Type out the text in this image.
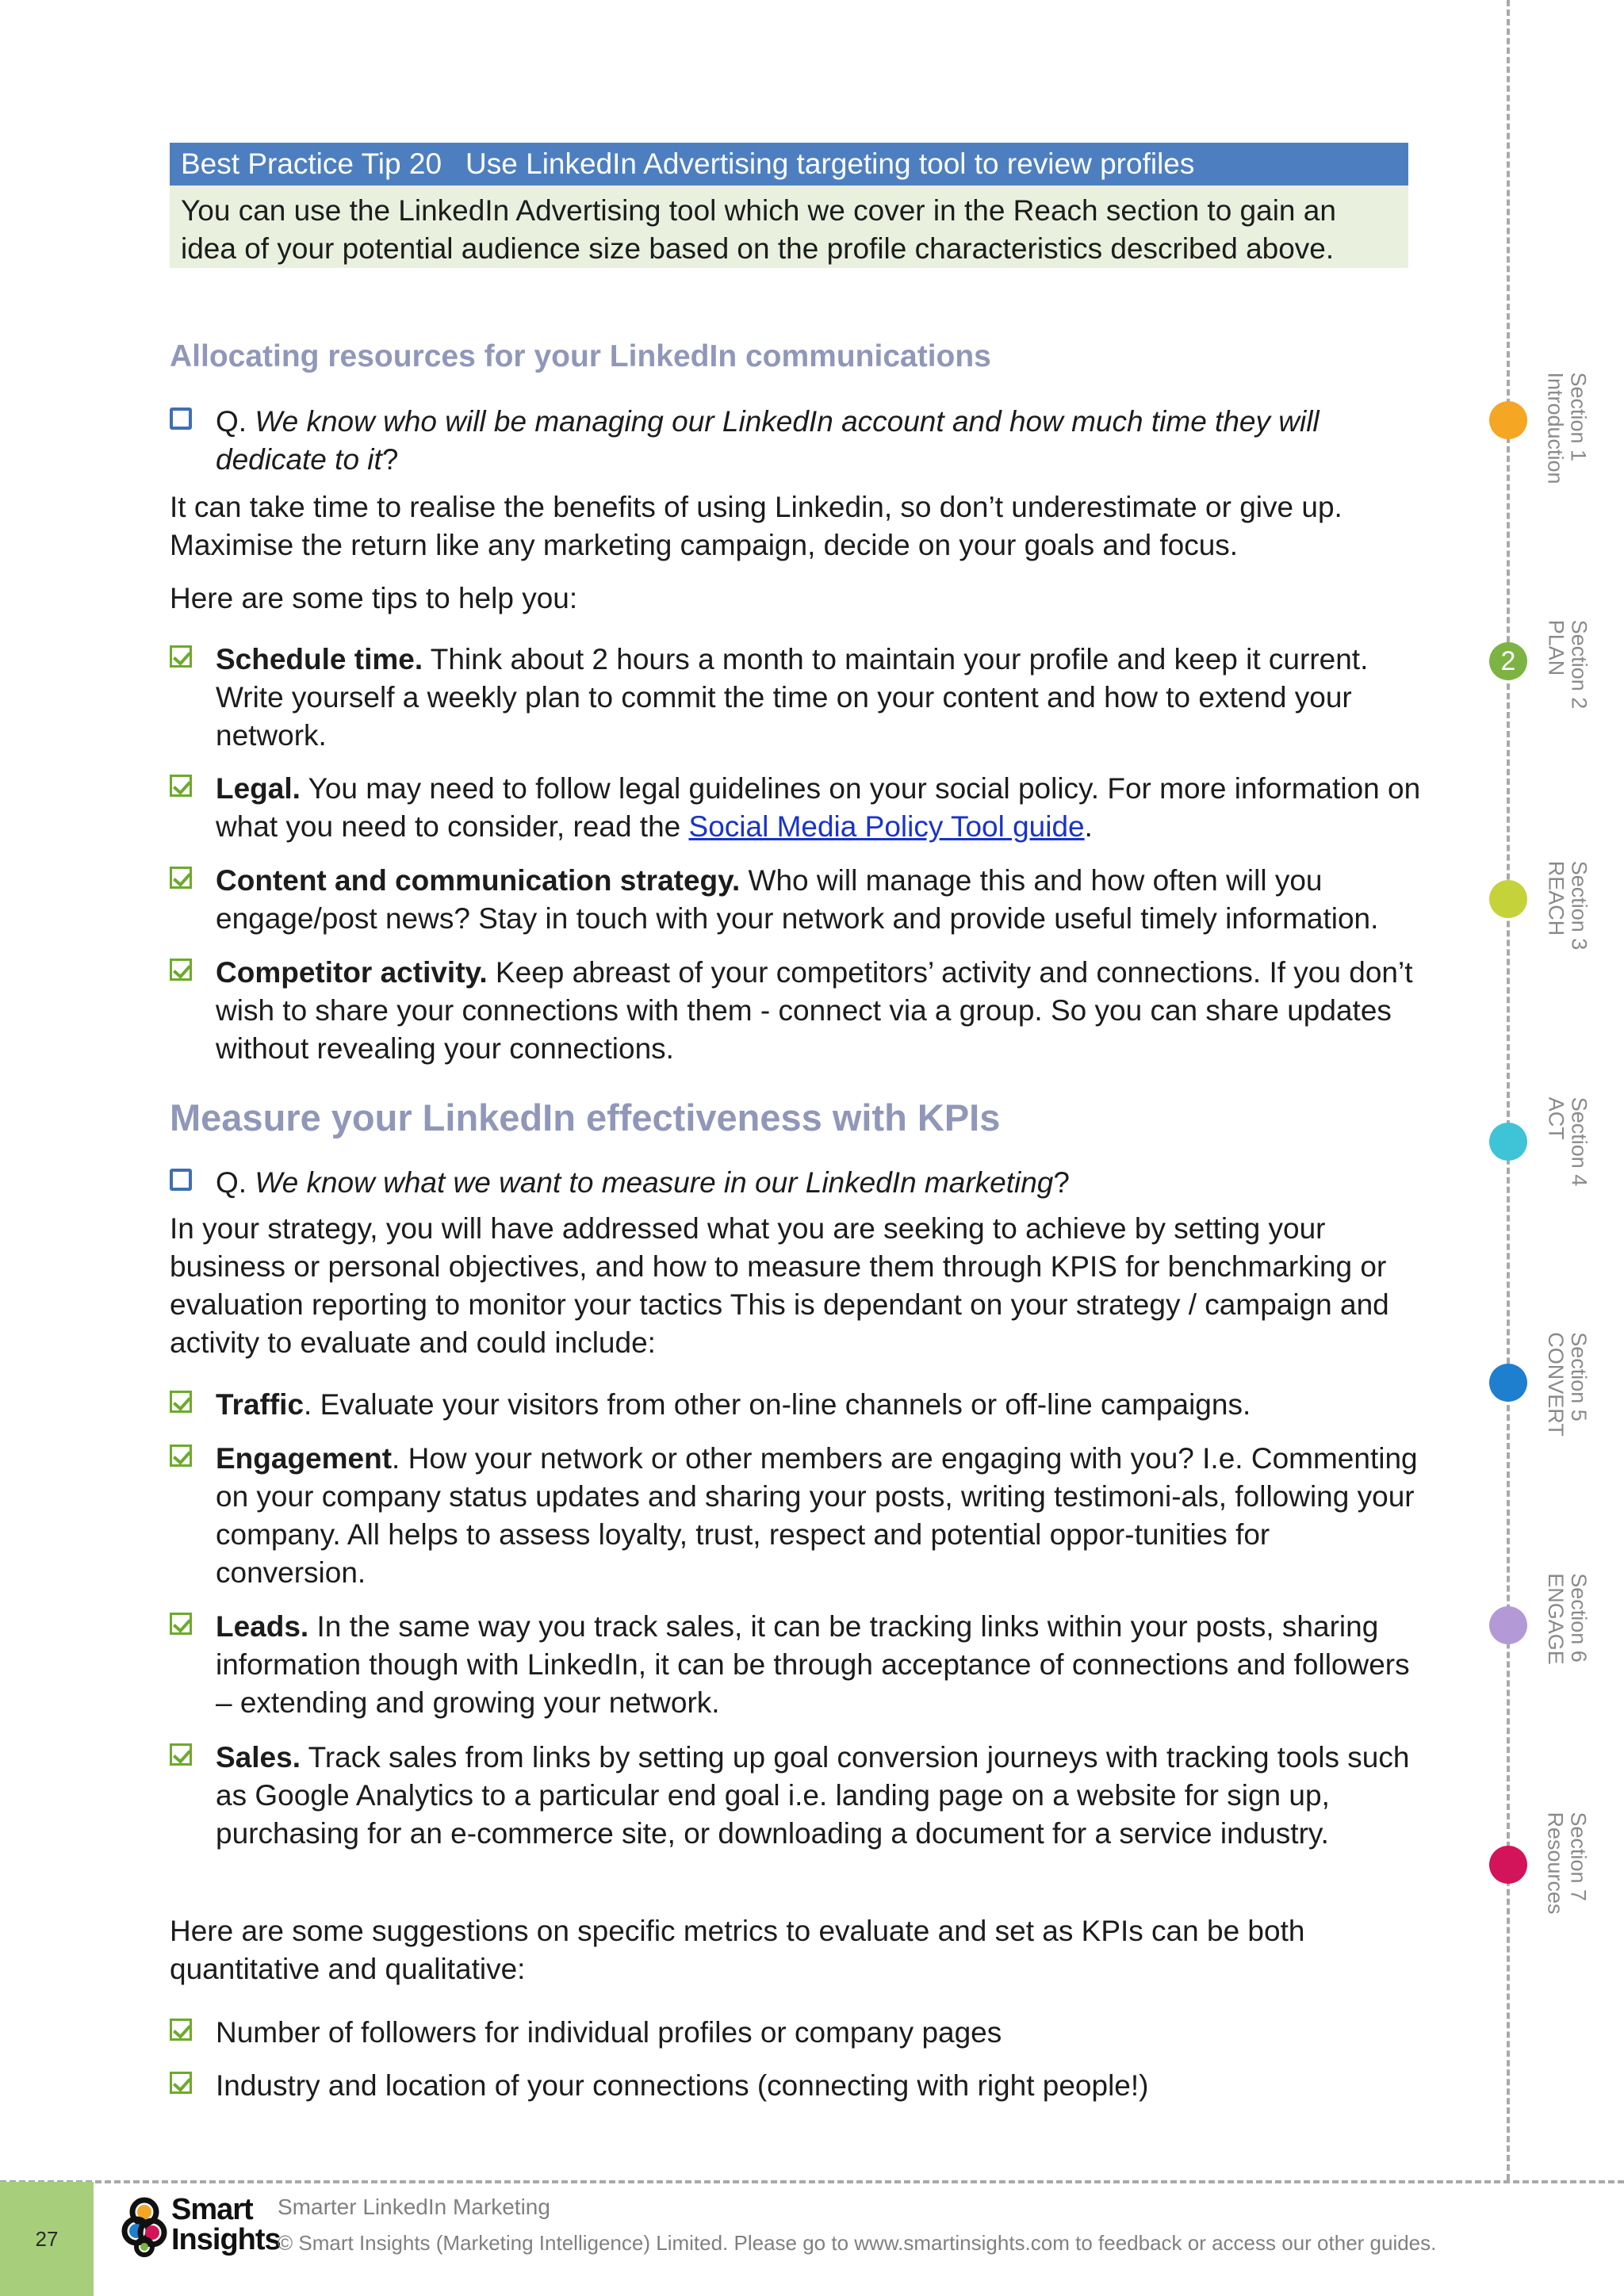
Best Practice Tip 20 Use LinkedIn Advertising targeting tool to review profiles
You can use the LinkedIn Advertising tool which we cover in the Reach section to gain an idea of your potential audience size based on the profile characteristics described above.
Allocating resources for your LinkedIn communications
Q. We know who will be managing our LinkedIn account and how much time they will dedicate to it?
It can take time to realise the benefits of using Linkedin, so don’t underestimate or give up. Maximise the return like any marketing campaign, decide on your goals and focus.
Here are some tips to help you:
Schedule time. Think about 2 hours a month to maintain your profile and keep it current. Write yourself a weekly plan to commit the time on your content and how to extend your network.
Legal. You may need to follow legal guidelines on your social policy. For more information on what you need to consider, read the Social Media Policy Tool guide.
Content and communication strategy. Who will manage this and how often will you engage/post news? Stay in touch with your network and provide useful timely information.
Competitor activity. Keep abreast of your competitors’ activity and connections. If you don’t wish to share your connections with them - connect via a group. So you can share updates without revealing your connections.
Measure your LinkedIn effectiveness with KPIs
Q. We know what we want to measure in our LinkedIn marketing?
In your strategy, you will have addressed what you are seeking to achieve by setting your business or personal objectives, and how to measure them through KPIS for benchmarking or evaluation reporting to monitor your tactics This is dependant on your strategy / campaign and activity to evaluate and could include:
Traffic. Evaluate your visitors from other on-line channels or off-line campaigns.
Engagement. How your network or other members are engaging with you? I.e. Commenting on your company status updates and sharing your posts, writing testimoni-als, following your company. All helps to assess loyalty, trust, respect and potential oppor-tunities for conversion.
Leads. In the same way you track sales, it can be tracking links within your posts, sharing information though with LinkedIn, it can be through acceptance of connections and followers – extending and growing your network.
Sales. Track sales from links by setting up goal conversion journeys with tracking tools such as Google Analytics to a particular end goal i.e. landing page on a website for sign up, purchasing for an e-commerce site, or downloading a document for a service industry.
Here are some suggestions on specific metrics to evaluate and set as KPIs can be both quantitative and qualitative:
Number of followers for individual profiles or company pages
Industry and location of your connections (connecting with right people!)
2
Section 1
Introduction
Section 2
PLAN
Section 3
REACH
Section 4
ACT
Section 5
CONVERT
Section 6
ENGAGE
Section 7
Resources
27
Smart
Insights
Smarter LinkedIn Marketing
© Smart Insights (Marketing Intelligence) Limited. Please go to www.smartinsights.com to feedback or access our other guides.
